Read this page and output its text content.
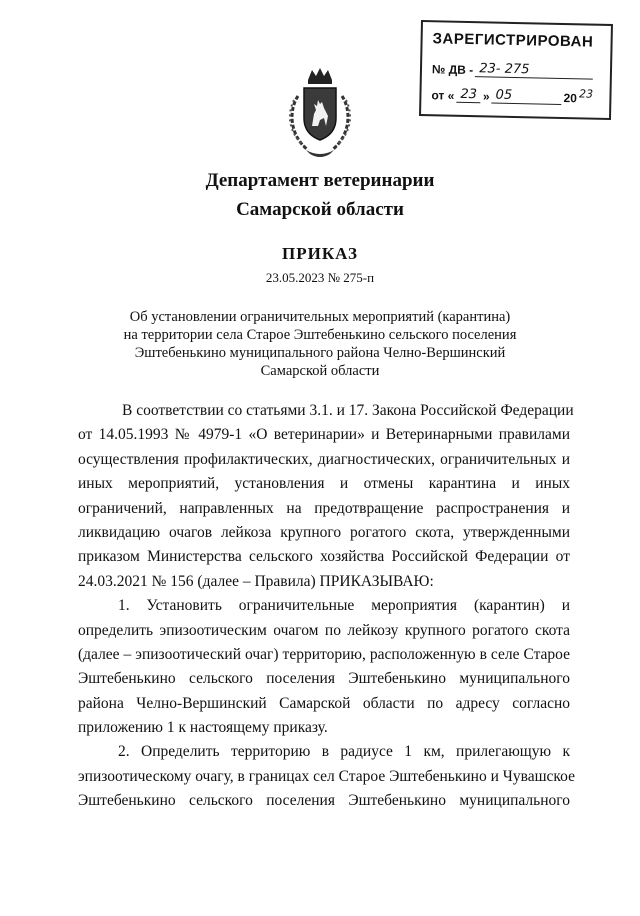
ЗАРЕГИСТРИРОВАН
№ ДВ - 23- 275
от « 23 » 05	20 23
Департамент ветеринарии
Самарской области
ПРИКАЗ
23.05.2023 № 275-п
Об установлении ограничительных мероприятий (карантина)
на территории села Старое Эштебенькино сельского поселения
Эштебенькино муниципального района Челно-Вершинский
Самарской области
В соответствии со статьями 3.1. и 17. Закона Российской Федерации
от 14.05.1993 № 4979-1 «О ветеринарии» и Ветеринарными правилами
осуществления профилактических, диагностических, ограничительных и
иных мероприятий, установления и отмены карантина и иных
ограничений, направленных на предотвращение распространения и
ликвидацию очагов лейкоза крупного рогатого скота, утвержденными
приказом Министерства сельского хозяйства Российской Федерации от
24.03.2021 № 156 (далее – Правила) ПРИКАЗЫВАЮ:
1. Установить ограничительные мероприятия (карантин) и
определить эпизоотическим очагом по лейкозу крупного рогатого скота
(далее – эпизоотический очаг) территорию, расположенную в селе Старое
Эштебенькино сельского поселения Эштебенькино муниципального
района Челно-Вершинский Самарской области по адресу согласно
приложению 1 к настоящему приказу.
2. Определить территорию в радиусе 1 км, прилегающую к
эпизоотическому очагу, в границах сел Старое Эштебенькино и Чувашское
Эштебенькино сельского поселения Эштебенькино муниципального
